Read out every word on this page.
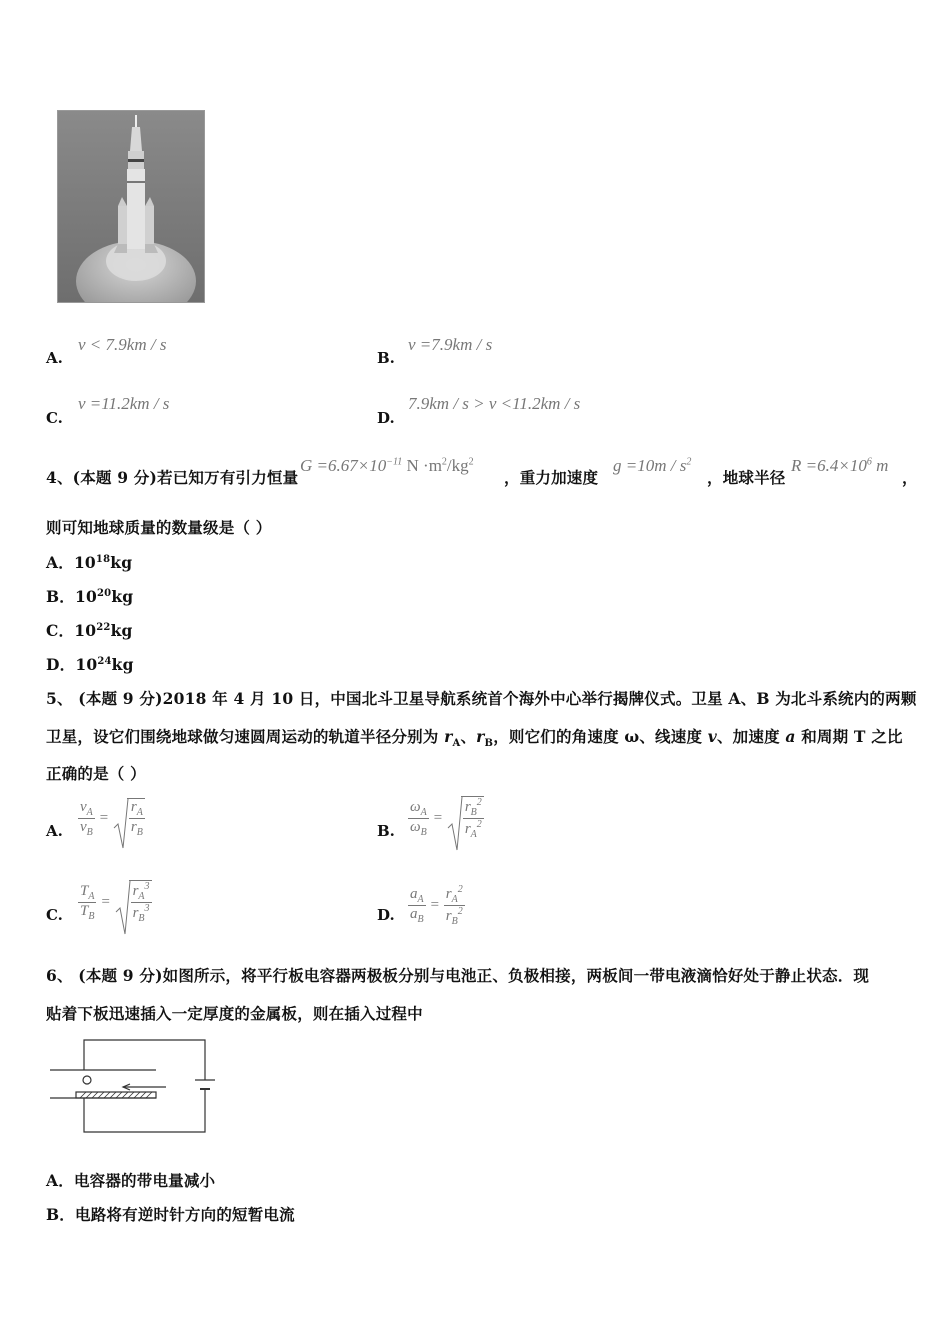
A.
v < 7.9km / s
B.
v =7.9km / s
C.
v =11.2km / s
D.
7.9km / s > v <11.2km / s
4、(本题 9 分)若已知万有引力恒量
$G =6.67\times 10^{-11}$ $N \cdot m^2/kg^2$
，重力加速度
$g =10m / s^2$
，地球半径
$R =6.4\times 10^6$ m
，
则可知地球质量的数量级是（ ）
A．$10^{18}kg$
B．$10^{20}kg$
C．$10^{22}kg$
D．$10^{24}kg$
5、 (本题 9 分)2018 年 4 月 10 日，中国北斗卫星导航系统首个海外中心举行揭牌仪式。卫星 A、B 为北斗系统内的两颗
卫星，设它们围绕地球做匀速圆周运动的轨道半径分别为 $r_A$、$r_B$，则它们的角速度 ω、线速度 v、加速度 a 和周期 T 之比
正确的是（ ）
A. $\frac{v_A}{v_B} = \frac{r_A}{r_B}$	B. $\frac{\omega_A}{\omega_B} = \frac{r_B^2}{r_A^2}$
C. $\frac{T_A}{T_B} = \frac{r_A^3}{r_B^3}$	D. $\frac{a_A}{a_B} = \frac{r_A^2}{r_B^2}$
6、 (本题 9 分)如图所示，将平行板电容器两极板分别与电池正、负极相接，两板间一带电液滴恰好处于静止状态．现
贴着下板迅速插入一定厚度的金属板，则在插入过程中
A．电容器的带电量减小
B．电路将有逆时针方向的短暂电流
